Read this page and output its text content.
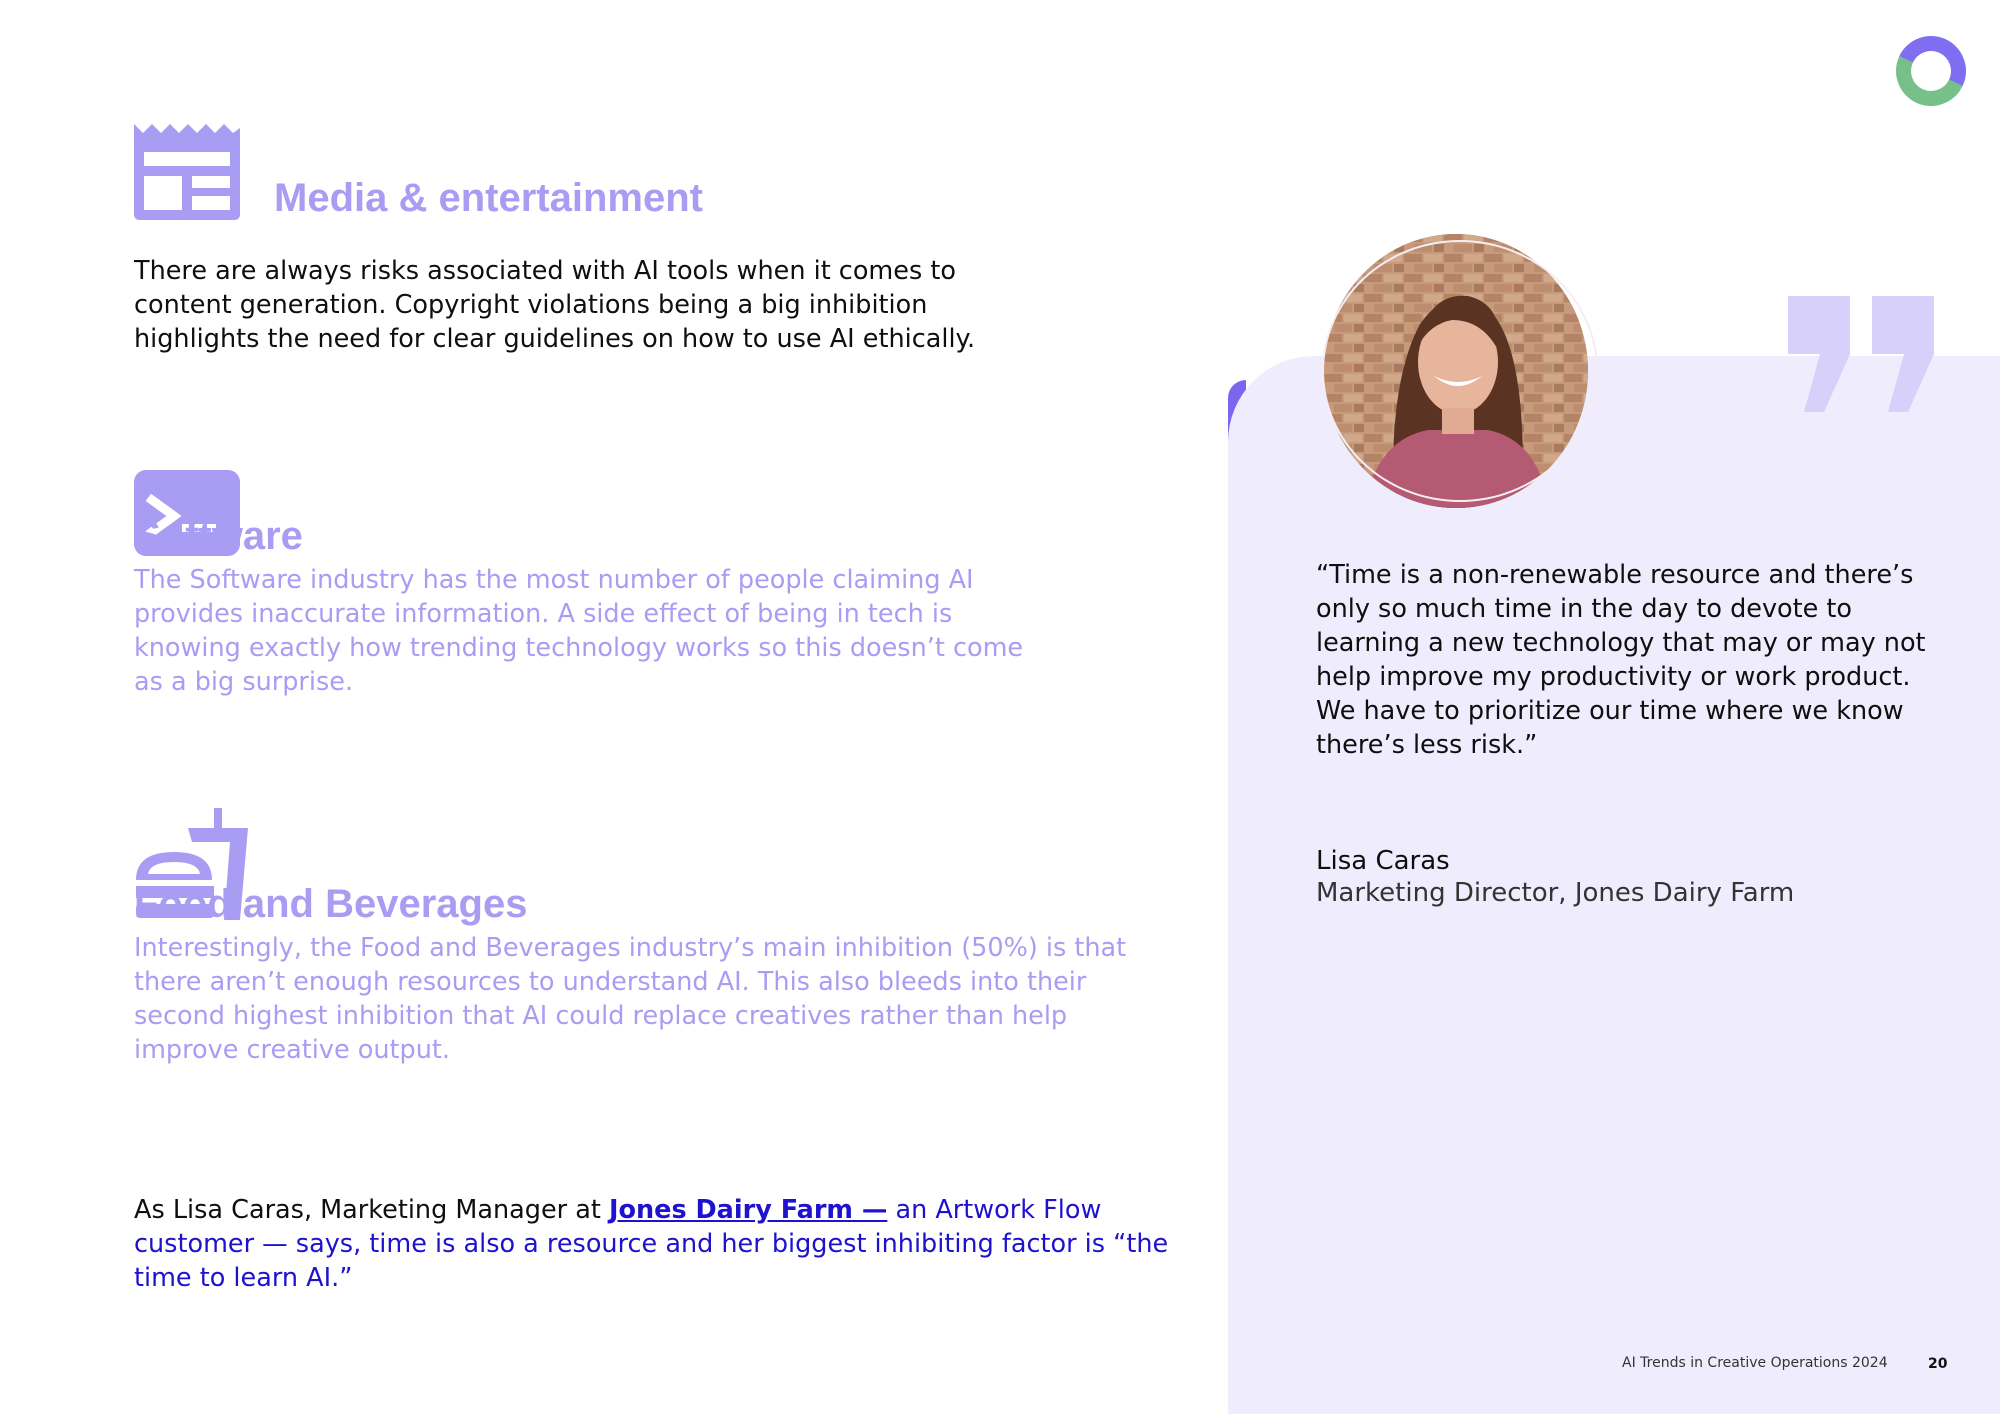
Media & entertainment
There are always risks associated with AI tools when it comes to content generation. Copyright violations being a big inhibition highlights the need for clear guidelines on how to use AI ethically.
Software
The Software industry has the most number of people claiming AI provides inaccurate information. A side effect of being in tech is knowing exactly how trending technology works so this doesn’t come as a big surprise.
Food and Beverages
Interestingly, the Food and Beverages industry’s main inhibition (50%) is that there aren’t enough resources to understand AI. This also bleeds into their second highest inhibition that AI could replace creatives rather than help improve creative output.
As Lisa Caras, Marketing Manager at Jones Dairy Farm — an Artwork Flow customer — says, time is also a resource and her biggest inhibiting factor is “the time to learn AI.”
“Time is a non-renewable resource and there’s only so much time in the day to devote to learning a new technology that may or may not help improve my productivity or work product. We have to prioritize our time where we know there’s less risk.”
Lisa Caras
Marketing Director, Jones Dairy Farm
AI Trends in Creative Operations 2024	20
